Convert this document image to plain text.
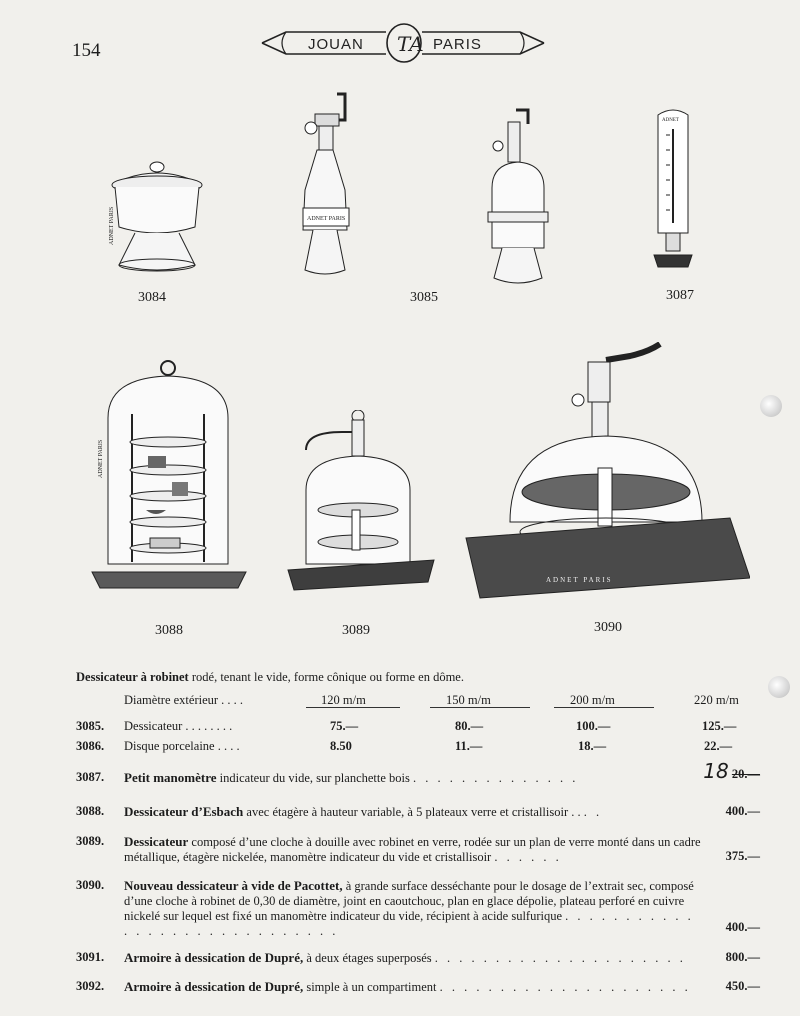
154	JOUAN TA PARIS
ADNET PARIS
3084
ADNET PARIS
3085
ADNET
3087
ADNET PARIS
3088	3089
ADNET PARIS
3090
Dessicateur à robinet rodé, tenant le vide, forme cônique ou forme en dôme.
Diamètre extérieur . . . .	120 m/m	150 m/m	200 m/m	220 m/m
3085. Dessicateur . . . . . . . .	75.—	80.—	100.—	125.—
3086. Disque porcelaine . . . .	8.50	11.—	18.—	22.—
3087. Petit manomètre indicateur du vide, sur planchette bois . . . . . . . . . . . . . .	18 20.—
3088. Dessicateur d’Esbach avec étagère à hauteur variable, à 5 plateaux verre et cristallisoir . . . .	400.—
3089. Dessicateur composé d’une cloche à douille avec robinet en verre, rodée sur un plan de verre monté dans un cadre métallique, étagère nickelée, manomètre indicateur du vide et cristallisoir . . . . . .	375.—
3090. Nouveau dessicateur à vide de Pacottet, à grande surface desséchante pour le dosage de l’extrait sec, composé d’une cloche à robinet de 0,30 de diamètre, joint en caoutchouc, plan en glace dépolie, plateau perforé en cuivre nickelé sur lequel est fixé un manomètre indicateur du vide, récipient à acide sulfurique . . . . . . . . . . . . . . . . . . . . . . . . . . . . .	400.—
3091. Armoire à dessication de Dupré, à deux étages superposés . . . . . . . . . . . . . . . . . . . . .	800.—
3092. Armoire à dessication de Dupré, simple à un compartiment . . . . . . . . . . . . . . . . . . . . .	450.—
